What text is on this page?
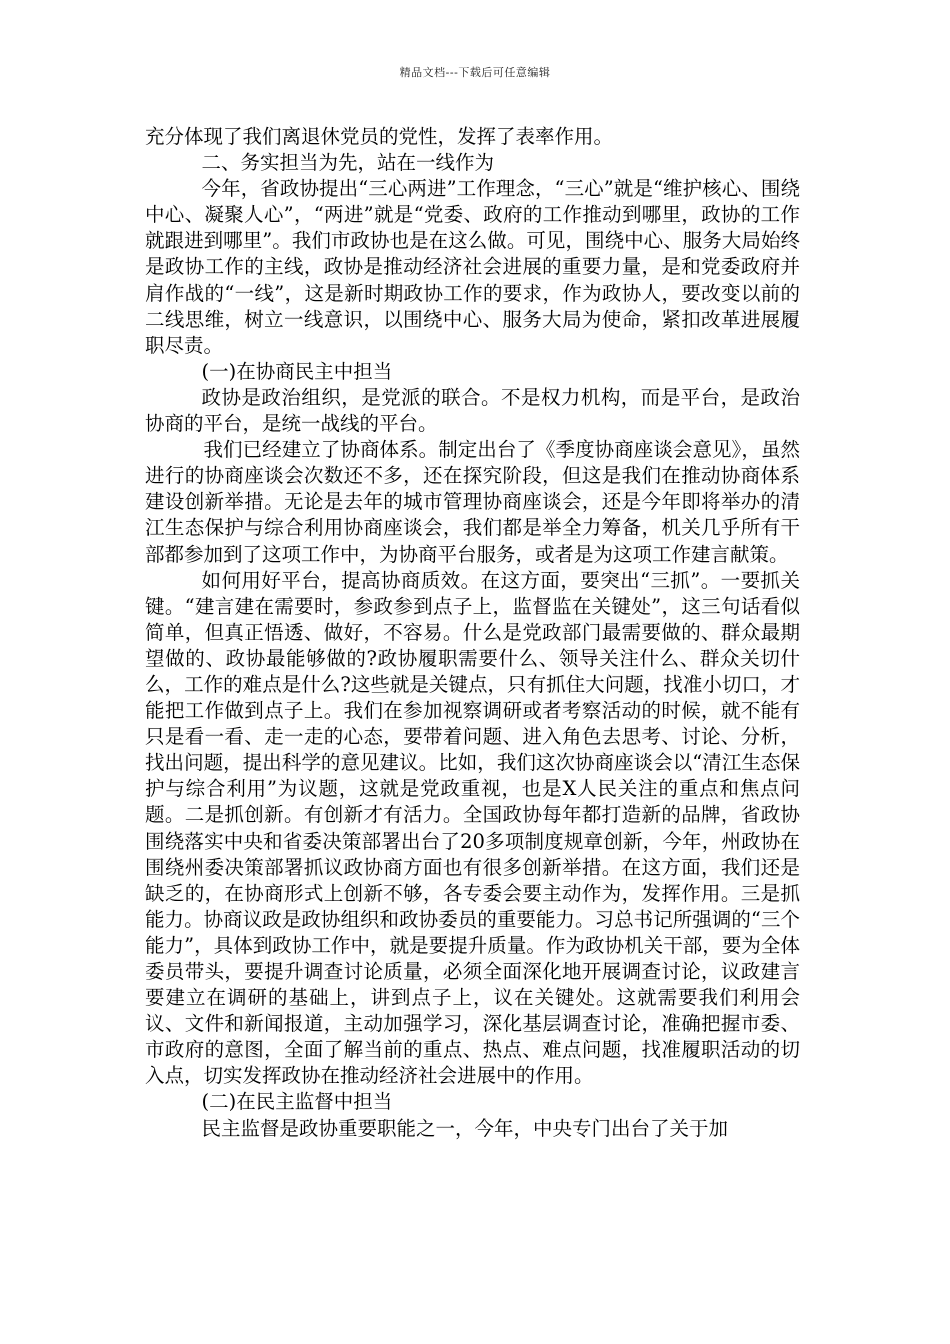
精品文档---下载后可任意编辑

充分体现了我们离退休党员的党性，发挥了表率作用。

二、务实担当为先，站在一线作为

今年，省政协提出“三心两进”工作理念，“三心”就是“维护核心、围绕中心、凝聚人心”，“两进”就是“党委、政府的工作推动到哪里，政协的工作就跟进到哪里”。我们市政协也是在这么做。可见，围绕中心、服务大局始终是政协工作的主线，政协是推动经济社会进展的重要力量，是和党委政府并肩作战的“一线”，这是新时期政协工作的要求，作为政协人，要改变以前的二线思维，树立一线意识，以围绕中心、服务大局为使命，紧扣改革进展履职尽责。

(一)在协商民主中担当

政协是政治组织，是党派的联合。不是权力机构，而是平台，是政治协商的平台，是统一战线的平台。

我们已经建立了协商体系。制定出台了《季度协商座谈会意见》，虽然进行的协商座谈会次数还不多，还在探究阶段，但这是我们在推动协商体系建设创新举措。无论是去年的城市管理协商座谈会，还是今年即将举办的清江生态保护与综合利用协商座谈会，我们都是举全力筹备，机关几乎所有干部都参加到了这项工作中，为协商平台服务，或者是为这项工作建言献策。

如何用好平台，提高协商质效。在这方面，要突出“三抓”。一要抓关键。“建言建在需要时，参政参到点子上，监督监在关键处”，这三句话看似简单，但真正悟透、做好，不容易。什么是党政部门最需要做的、群众最期望做的、政协最能够做的?政协履职需要什么、领导关注什么、群众关切什么，工作的难点是什么?这些就是关键点，只有抓住大问题，找准小切口，才能把工作做到点子上。我们在参加视察调研或者考察活动的时候，就不能有只是看一看、走一走的心态，要带着问题、进入角色去思考、讨论、分析，找出问题，提出科学的意见建议。比如，我们这次协商座谈会以“清江生态保护与综合利用”为议题，这就是党政重视，也是X人民关注的重点和焦点问题。二是抓创新。有创新才有活力。全国政协每年都打造新的品牌，省政协围绕落实中央和省委决策部署出台了20多项制度规章创新，今年，州政协在围绕州委决策部署抓议政协商方面也有很多创新举措。在这方面，我们还是缺乏的，在协商形式上创新不够，各专委会要主动作为，发挥作用。三是抓能力。协商议政是政协组织和政协委员的重要能力。习总书记所强调的“三个能力”，具体到政协工作中，就是要提升质量。作为政协机关干部，要为全体委员带头，要提升调查讨论质量，必须全面深化地开展调查讨论，议政建言要建立在调研的基础上，讲到点子上，议在关键处。这就需要我们利用会议、文件和新闻报道，主动加强学习，深化基层调查讨论，准确把握市委、市政府的意图，全面了解当前的重点、热点、难点问题，找准履职活动的切入点，切实发挥政协在推动经济社会进展中的作用。

(二)在民主监督中担当

民主监督是政协重要职能之一，今年，中央专门出台了关于加
